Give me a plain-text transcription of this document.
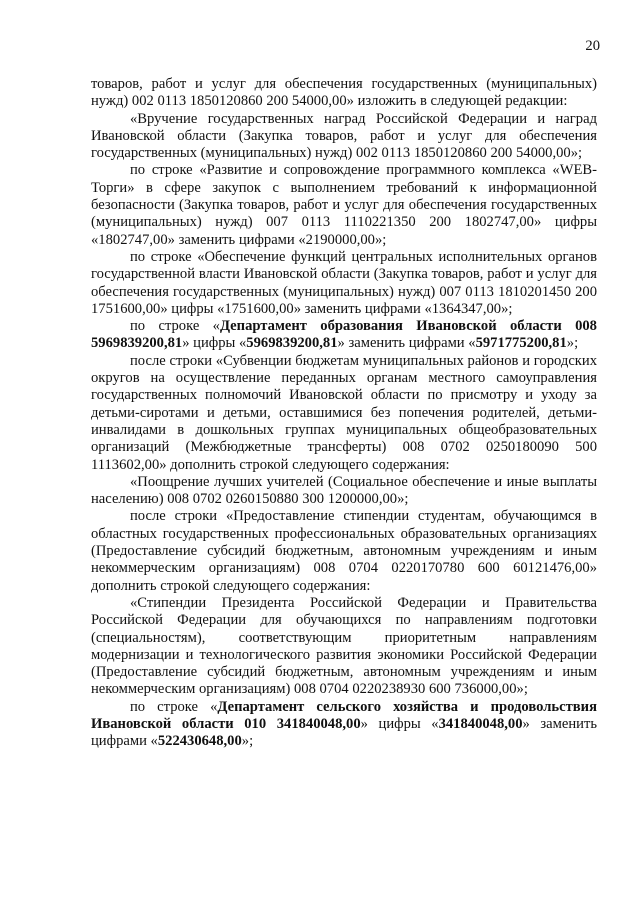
20

товаров, работ и услуг для обеспечения государственных (муниципальных) нужд) 002 0113 1850120860 200 54000,00» изложить в следующей редакции:

«Вручение государственных наград Российской Федерации и наград Ивановской области (Закупка товаров, работ и услуг для обеспечения государственных (муниципальных) нужд) 002 0113 1850120860 200 54000,00»;

по строке «Развитие и сопровождение программного комплекса «WEB-Торги» в сфере закупок с выполнением требований к информационной безопасности (Закупка товаров, работ и услуг для обеспечения государственных (муниципальных) нужд) 007 0113 1110221350 200 1802747,00» цифры «1802747,00» заменить цифрами «2190000,00»;

по строке «Обеспечение функций центральных исполнительных органов государственной власти Ивановской области (Закупка товаров, работ и услуг для обеспечения государственных (муниципальных) нужд) 007 0113 1810201450 200 1751600,00» цифры «1751600,00» заменить цифрами «1364347,00»;

по строке «Департамент образования Ивановской области 008 5969839200,81» цифры «5969839200,81» заменить цифрами «5971775200,81»;

после строки «Субвенции бюджетам муниципальных районов и городских округов на осуществление переданных органам местного самоуправления государственных полномочий Ивановской области по присмотру и уходу за детьми-сиротами и детьми, оставшимися без попечения родителей, детьми-инвалидами в дошкольных группах муниципальных общеобразовательных организаций (Межбюджетные трансферты) 008 0702 0250180090 500 1113602,00» дополнить строкой следующего содержания:

«Поощрение лучших учителей (Социальное обеспечение и иные выплаты населению) 008 0702 0260150880 300 1200000,00»;

после строки «Предоставление стипендии студентам, обучающимся в областных государственных профессиональных образовательных организациях (Предоставление субсидий бюджетным, автономным учреждениям и иным некоммерческим организациям) 008 0704 0220170780 600 60121476,00» дополнить строкой следующего содержания:

«Стипендии Президента Российской Федерации и Правительства Российской Федерации для обучающихся по направлениям подготовки (специальностям), соответствующим приоритетным направлениям модернизации и технологического развития экономики Российской Федерации (Предоставление субсидий бюджетным, автономным учреждениям и иным некоммерческим организациям) 008 0704 0220238930 600 736000,00»;

по строке «Департамент сельского хозяйства и продовольствия Ивановской области 010 341840048,00» цифры «341840048,00» заменить цифрами «522430648,00»;
